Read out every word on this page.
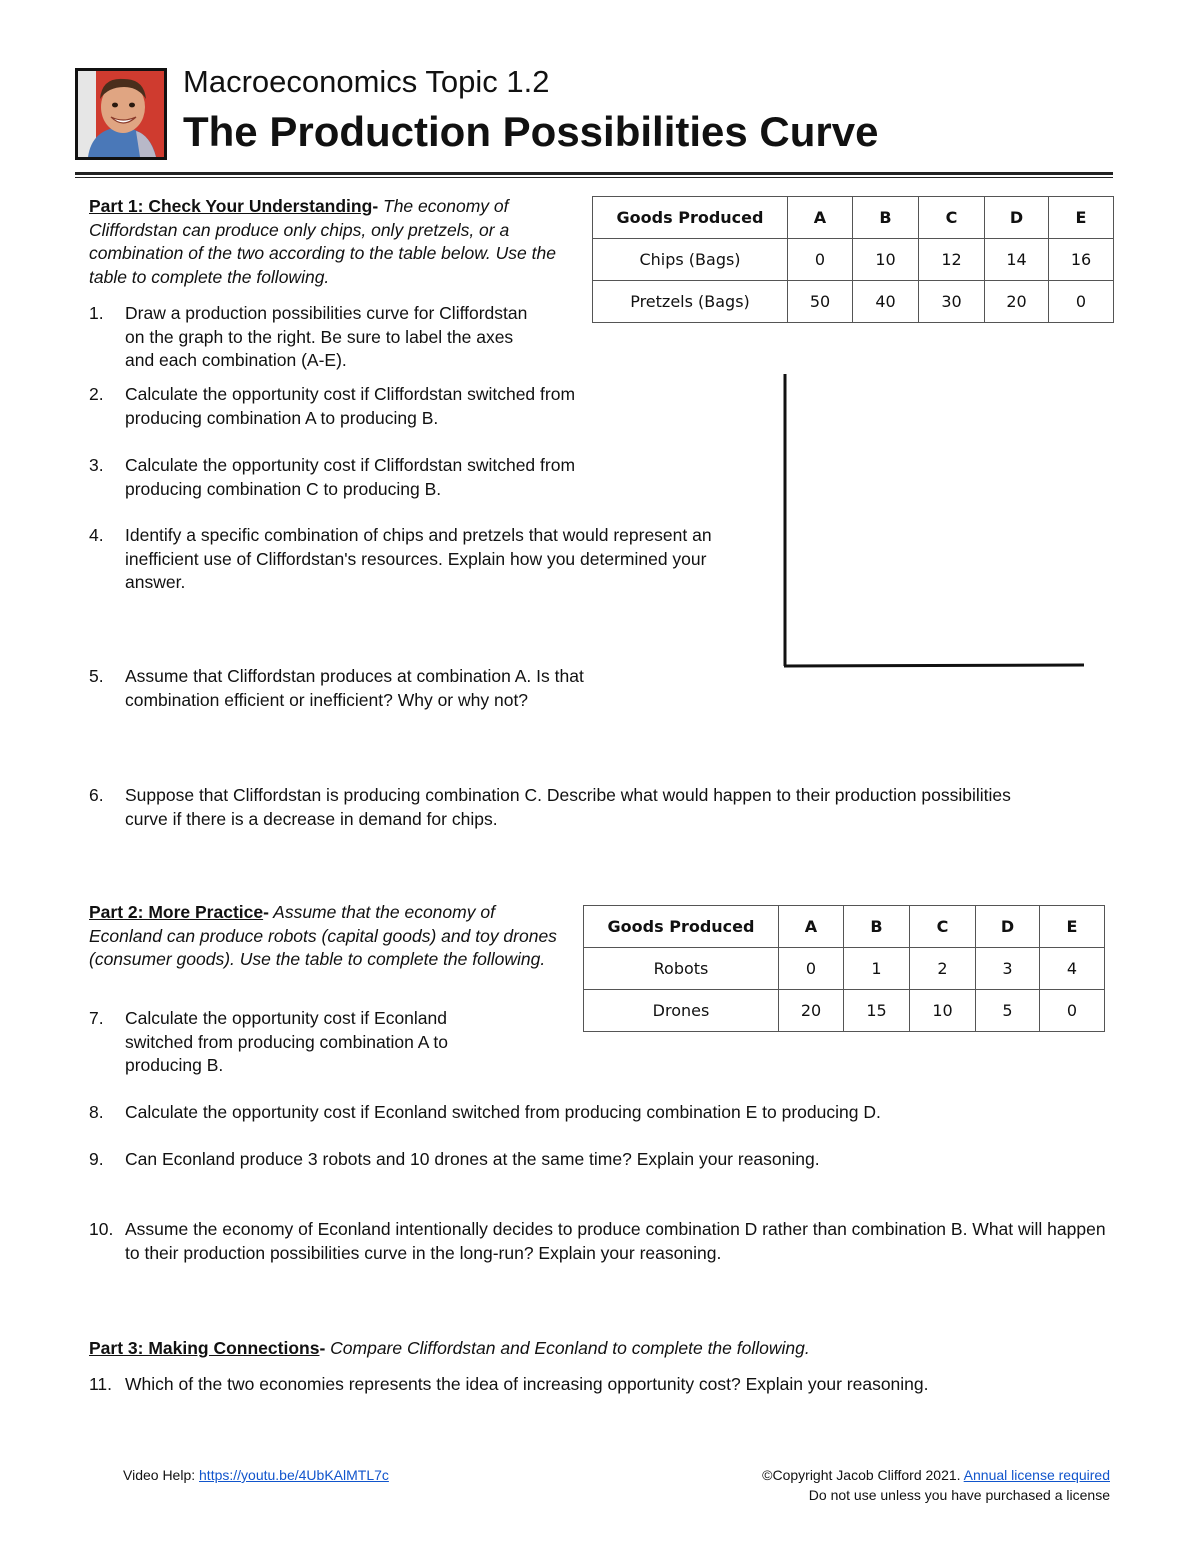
Macroeconomics Topic 1.2
The Production Possibilities Curve
Part 1: Check Your Understanding- The economy of Cliffordstan can produce only chips, only pretzels, or a combination of the two according to the table below. Use the table to complete the following.
Goods Produced	A	B	C	D	E
Chips (Bags)	0	10	12	14	16
Pretzels (Bags)	50	40	30	20	0
1. Draw a production possibilities curve for Cliffordstan on the graph to the right. Be sure to label the axes and each combination (A-E).
2. Calculate the opportunity cost if Cliffordstan switched from producing combination A to producing B.
3. Calculate the opportunity cost if Cliffordstan switched from producing combination C to producing B.
4. Identify a specific combination of chips and pretzels that would represent an inefficient use of Cliffordstan's resources. Explain how you determined your answer.
5. Assume that Cliffordstan produces at combination A. Is that combination efficient or inefficient? Why or why not?
6. Suppose that Cliffordstan is producing combination C. Describe what would happen to their production possibilities curve if there is a decrease in demand for chips.
Part 2: More Practice- Assume that the economy of Econland can produce robots (capital goods) and toy drones (consumer goods). Use the table to complete the following.
Goods Produced	A	B	C	D	E
Robots	0	1	2	3	4
Drones	20	15	10	5	0
7. Calculate the opportunity cost if Econland switched from producing combination A to producing B.
8. Calculate the opportunity cost if Econland switched from producing combination E to producing D.
9. Can Econland produce 3 robots and 10 drones at the same time? Explain your reasoning.
10. Assume the economy of Econland intentionally decides to produce combination D rather than combination B. What will happen to their production possibilities curve in the long-run? Explain your reasoning.
Part 3: Making Connections- Compare Cliffordstan and Econland to complete the following.
11. Which of the two economies represents the idea of increasing opportunity cost? Explain your reasoning.
Video Help: https://youtu.be/4UbKAlMTL7c	©Copyright Jacob Clifford 2021. Annual license required
Do not use unless you have purchased a license
